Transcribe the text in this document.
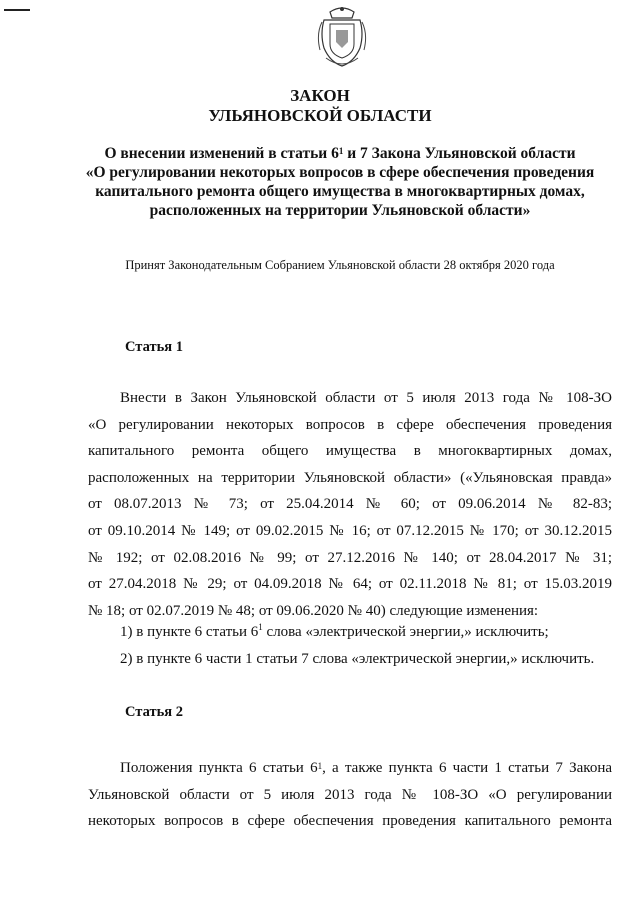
ЗАКОН
УЛЬЯНОВСКОЙ ОБЛАСТИ
О внесении изменений в статьи $6^1$ и 7 Закона Ульяновской области
«О регулировании некоторых вопросов в сфере обеспечения проведения
капитального ремонта общего имущества в многоквартирных домах,
расположенных на территории Ульяновской области»
Принят Законодательным Собранием Ульяновской области 28 октября 2020 года
Статья 1
Внести в Закон Ульяновской области от 5 июля 2013 года № 108-ЗО
«О регулировании некоторых вопросов в сфере обеспечения проведения
капитального ремонта общего имущества в многоквартирных домах,
расположенных на территории Ульяновской области» («Ульяновская правда»
от 08.07.2013 № 73; от 25.04.2014 № 60; от 09.06.2014 № 82-83;
от 09.10.2014 № 149; от 09.02.2015 № 16; от 07.12.2015 № 170; от 30.12.2015
№ 192; от 02.08.2016 № 99; от 27.12.2016 № 140; от 28.04.2017 № 31;
от 27.04.2018 № 29; от 04.09.2018 № 64; от 02.11.2018 № 81; от 15.03.2019
№ 18; от 02.07.2019 № 48; от 09.06.2020 № 40) следующие изменения:
1) в пункте 6 статьи $6^1$ слова «электрической энергии,» исключить;
2) в пункте 6 части 1 статьи 7 слова «электрической энергии,» исключить.
Статья 2
Положения пункта 6 статьи $6^1$, а также пункта 6 части 1 статьи 7 Закона
Ульяновской области от 5 июля 2013 года № 108-ЗО «О регулировании
некоторых вопросов в сфере обеспечения проведения капитального ремонта
